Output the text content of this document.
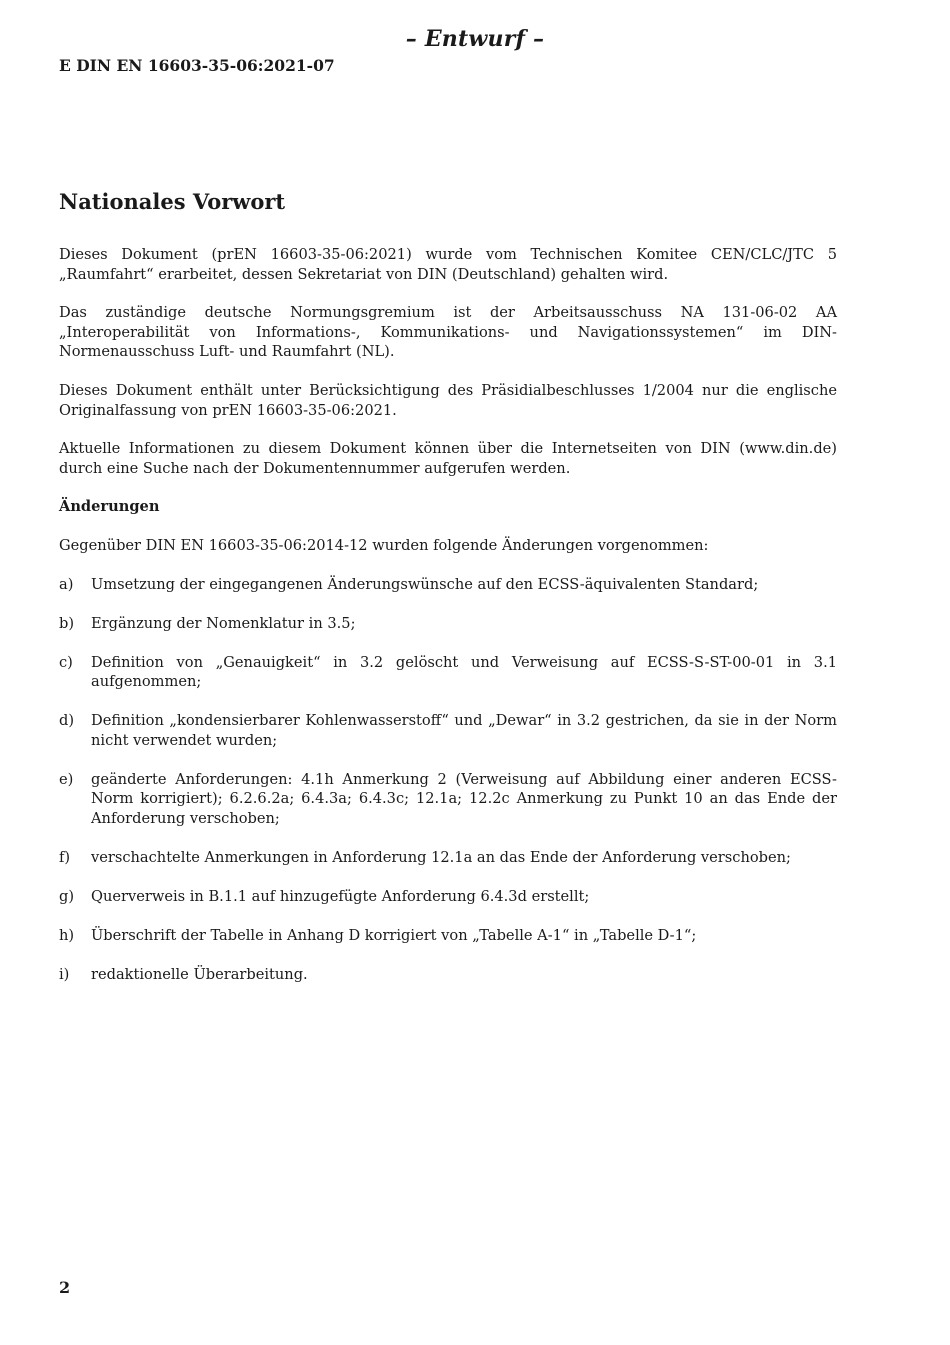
– Entwurf –
E DIN EN 16603-35-06:2021-07
Nationales Vorwort

Dieses Dokument (prEN 16603-35-06:2021) wurde vom Technischen Komitee CEN/CLC/JTC 5 „Raumfahrt“ erarbeitet, dessen Sekretariat von DIN (Deutschland) gehalten wird.

Das zuständige deutsche Normungsgremium ist der Arbeitsausschuss NA 131-06-02 AA „Interoperabilität von Informations-, Kommunikations- und Navigationssystemen“ im DIN-Normenausschuss Luft- und Raumfahrt (NL).

Dieses Dokument enthält unter Berücksichtigung des Präsidialbeschlusses 1/2004 nur die englische Originalfassung von prEN 16603-35-06:2021.

Aktuelle Informationen zu diesem Dokument können über die Internetseiten von DIN (www.din.de) durch eine Suche nach der Dokumentennummer aufgerufen werden.

Änderungen

Gegenüber DIN EN 16603-35-06:2014-12 wurden folgende Änderungen vorgenommen:

a)	Umsetzung der eingegangenen Änderungswünsche auf den ECSS-äquivalenten Standard;
b)	Ergänzung der Nomenklatur in 3.5;
c)	Definition von „Genauigkeit“ in 3.2 gelöscht und Verweisung auf ECSS-S-ST-00-01 in 3.1 aufgenommen;
d)	Definition „kondensierbarer Kohlenwasserstoff“ und „Dewar“ in 3.2 gestrichen, da sie in der Norm nicht verwendet wurden;
e)	geänderte Anforderungen: 4.1h Anmerkung 2 (Verweisung auf Abbildung einer anderen ECSS-Norm korrigiert); 6.2.6.2a; 6.4.3a; 6.4.3c; 12.1a; 12.2c Anmerkung zu Punkt 10 an das Ende der Anforderung verschoben;
f)	verschachtelte Anmerkungen in Anforderung 12.1a an das Ende der Anforderung verschoben;
g)	Querverweis in B.1.1 auf hinzugefügte Anforderung 6.4.3d erstellt;
h)	Überschrift der Tabelle in Anhang D korrigiert von „Tabelle A-1“ in „Tabelle D-1“;
i)	redaktionelle Überarbeitung.
2
